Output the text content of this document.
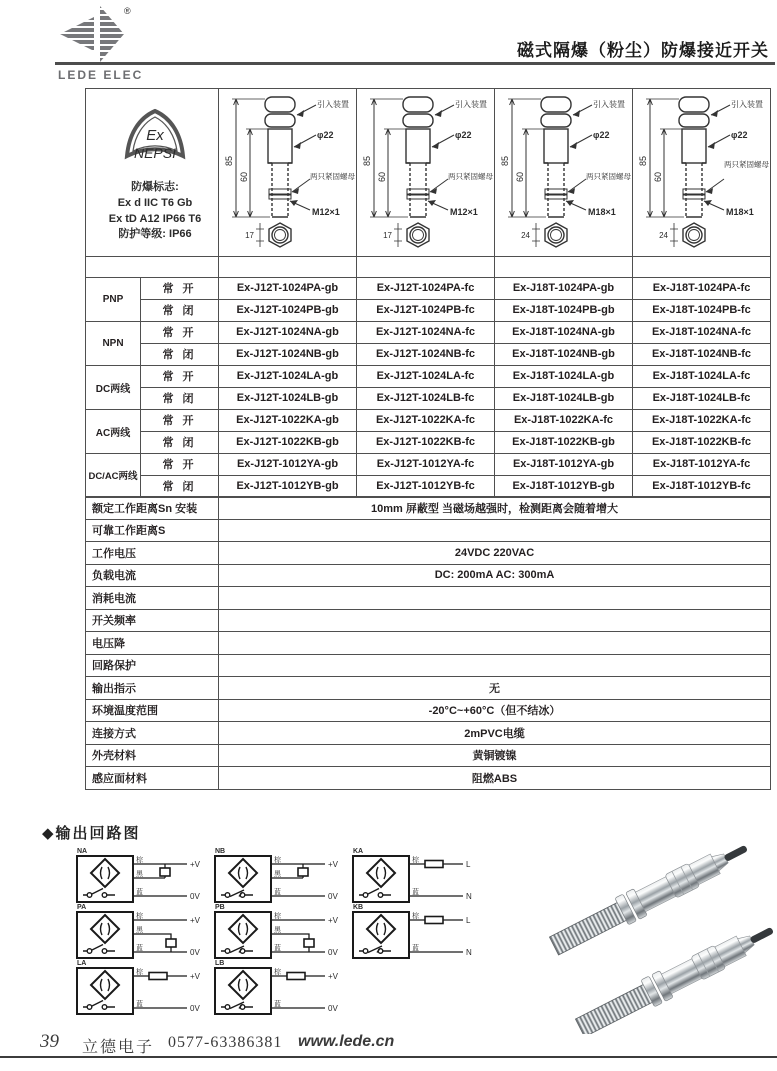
®
LEDE ELEC
磁式隔爆（粉尘）防爆接近开关
Ex
NEPSI
防爆标志:
Ex d IIC T6 Gb
Ex tD A12 IP66 T6
防护等级: IP66

引入装置
φ22
两只紧固螺母
M12×1
85
60
17

引入装置
φ22
两只紧固螺母
M12×1
85
60
17

引入装置
φ22
两只紧固螺母
M18×1
85
60
24

引入装置
φ22
两只紧固螺母
M18×1
85
60
24

PNP	常 开	Ex-J12T-1024PA-gb	Ex-J12T-1024PA-fc	Ex-J18T-1024PA-gb	Ex-J18T-1024PA-fc
	常 闭	Ex-J12T-1024PB-gb	Ex-J12T-1024PB-fc	Ex-J18T-1024PB-gb	Ex-J18T-1024PB-fc
NPN	常 开	Ex-J12T-1024NA-gb	Ex-J12T-1024NA-fc	Ex-J18T-1024NA-gb	Ex-J18T-1024NA-fc
	常 闭	Ex-J12T-1024NB-gb	Ex-J12T-1024NB-fc	Ex-J18T-1024NB-gb	Ex-J18T-1024NB-fc
DC两线	常 开	Ex-J12T-1024LA-gb	Ex-J12T-1024LA-fc	Ex-J18T-1024LA-gb	Ex-J18T-1024LA-fc
	常 闭	Ex-J12T-1024LB-gb	Ex-J12T-1024LB-fc	Ex-J18T-1024LB-gb	Ex-J18T-1024LB-fc
AC两线	常 开	Ex-J12T-1022KA-gb	Ex-J12T-1022KA-fc	Ex-J18T-1022KA-fc	Ex-J18T-1022KA-fc
	常 闭	Ex-J12T-1022KB-gb	Ex-J12T-1022KB-fc	Ex-J18T-1022KB-gb	Ex-J18T-1022KB-fc
DC/AC两线	常 开	Ex-J12T-1012YA-gb	Ex-J12T-1012YA-fc	Ex-J18T-1012YA-gb	Ex-J18T-1012YA-fc
	常 闭	Ex-J12T-1012YB-gb	Ex-J12T-1012YB-fc	Ex-J18T-1012YB-gb	Ex-J18T-1012YB-fc
额定工作距离Sn 安装	10mm 屏蔽型 当磁场越强时，检测距离会随着增大
可靠工作距离S	
工作电压	24VDC 220VAC
负载电流	DC: 200mA AC: 300mA
消耗电流	
开关频率	
电压降	
回路保护	
输出指示	无
环境温度范围	-20°C~+60°C（但不结冰）
连接方式	2mPVC电缆
外壳材料	黄铜镀镍
感应面材料	阻燃ABS
◆输出回路图
NA
棕
黑
蓝
+V
0V
NB
棕
黑
蓝
+V
0V
KA
棕
蓝
L
N
PA
棕
黑
蓝
+V
0V
PB
棕
黑
蓝
+V
0V
KB
棕
蓝
L
N
LA
棕
蓝
+V
0V
LB
棕
蓝
+V
0V
39 立德电子 0577-63386381 www.lede.cn
